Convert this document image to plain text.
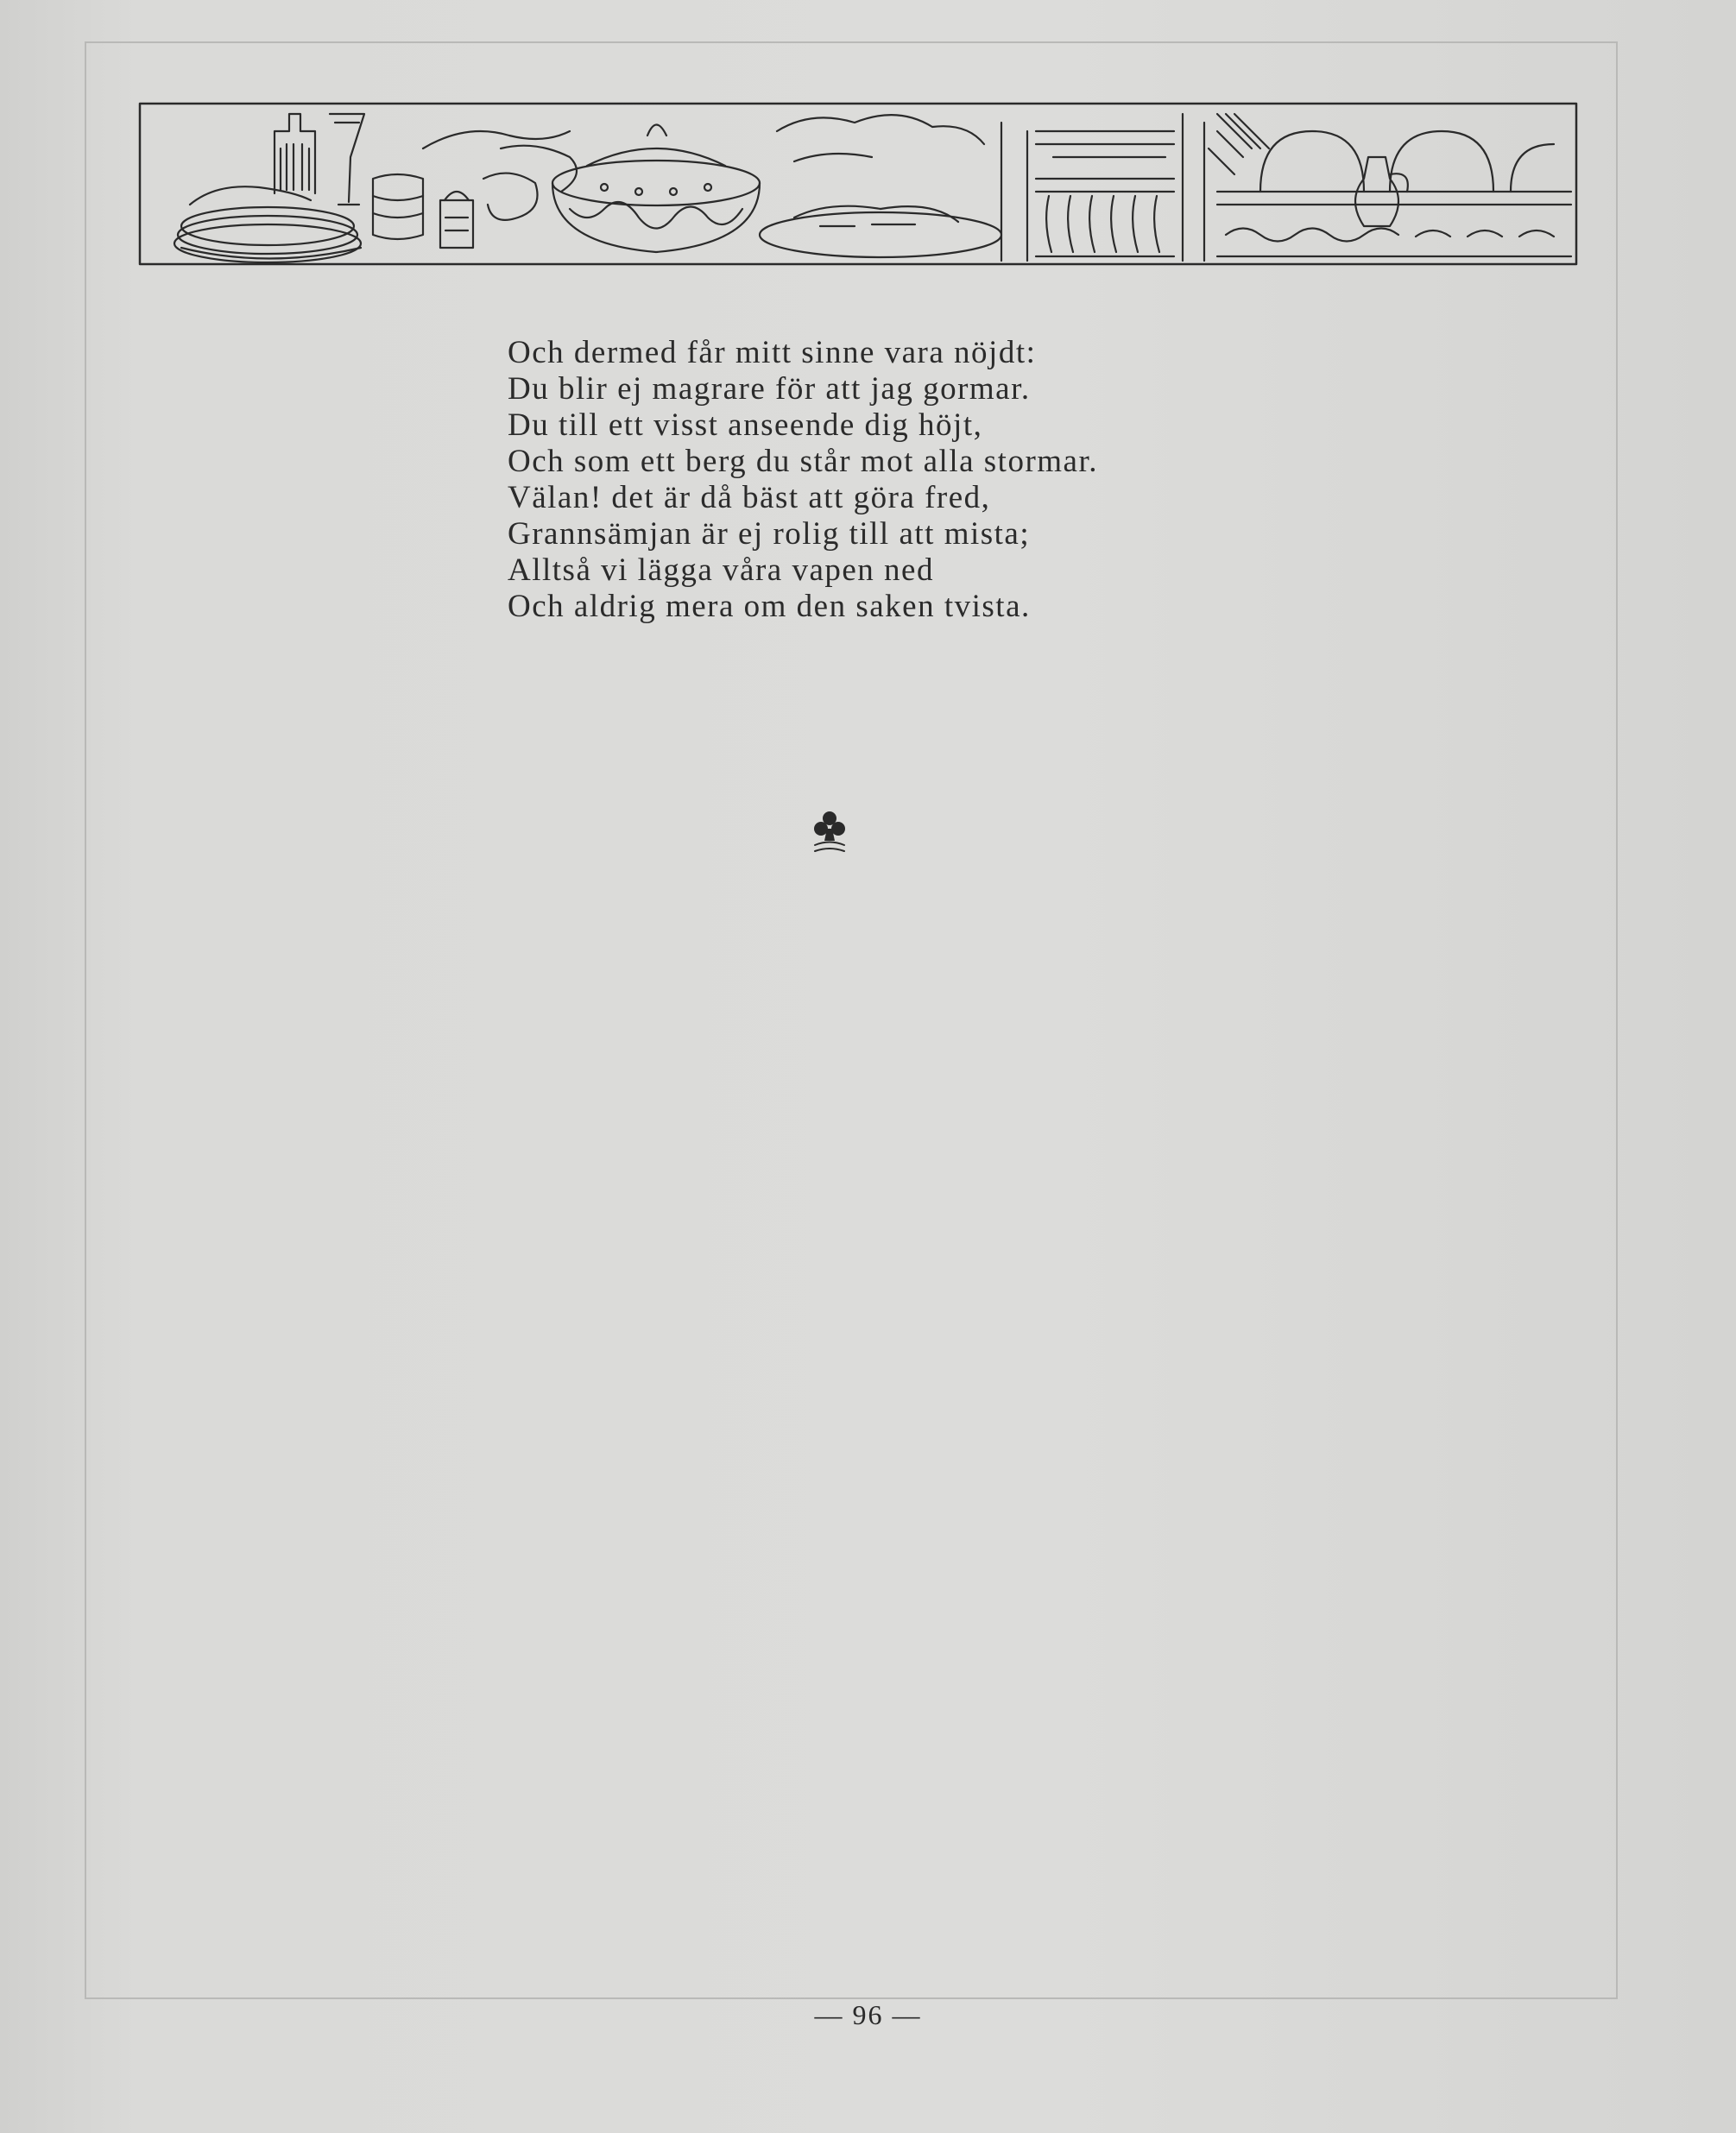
Och dermed får mitt sinne vara nöjdt:
Du blir ej magrare för att jag gormar.
Du till ett visst anseende dig höjt,
Och som ett berg du står mot alla stormar.
Välan! det är då bäst att göra fred,
Grannsämjan är ej rolig till att mista;
Alltså vi lägga våra vapen ned
Och aldrig mera om den saken tvista.
— 96 —
